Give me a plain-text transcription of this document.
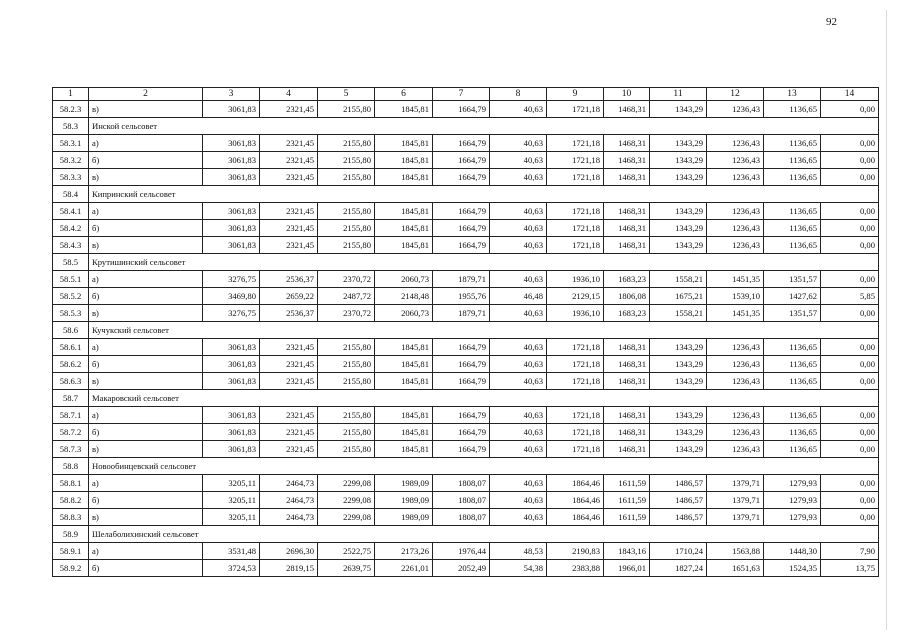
92
1	2	3	4	5	6	7	8	9	10	11	12	13	14
58.2.3	в)	3061,83	2321,45	2155,80	1845,81	1664,79	40,63	1721,18	1468,31	1343,29	1236,43	1136,65	0,00
58.3	Инской сельсовет												
58.3.1	а)	3061,83	2321,45	2155,80	1845,81	1664,79	40,63	1721,18	1468,31	1343,29	1236,43	1136,65	0,00
58.3.2	б)	3061,83	2321,45	2155,80	1845,81	1664,79	40,63	1721,18	1468,31	1343,29	1236,43	1136,65	0,00
58.3.3	в)	3061,83	2321,45	2155,80	1845,81	1664,79	40,63	1721,18	1468,31	1343,29	1236,43	1136,65	0,00
58.4	Кипринский сельсовет												
58.4.1	а)	3061,83	2321,45	2155,80	1845,81	1664,79	40,63	1721,18	1468,31	1343,29	1236,43	1136,65	0,00
58.4.2	б)	3061,83	2321,45	2155,80	1845,81	1664,79	40,63	1721,18	1468,31	1343,29	1236,43	1136,65	0,00
58.4.3	в)	3061,83	2321,45	2155,80	1845,81	1664,79	40,63	1721,18	1468,31	1343,29	1236,43	1136,65	0,00
58.5	Крутишинский сельсовет												
58.5.1	а)	3276,75	2536,37	2370,72	2060,73	1879,71	40,63	1936,10	1683,23	1558,21	1451,35	1351,57	0,00
58.5.2	б)	3469,80	2659,22	2487,72	2148,48	1955,76	46,48	2129,15	1806,08	1675,21	1539,10	1427,62	5,85
58.5.3	в)	3276,75	2536,37	2370,72	2060,73	1879,71	40,63	1936,10	1683,23	1558,21	1451,35	1351,57	0,00
58.6	Кучукский сельсовет												
58.6.1	а)	3061,83	2321,45	2155,80	1845,81	1664,79	40,63	1721,18	1468,31	1343,29	1236,43	1136,65	0,00
58.6.2	б)	3061,83	2321,45	2155,80	1845,81	1664,79	40,63	1721,18	1468,31	1343,29	1236,43	1136,65	0,00
58.6.3	в)	3061,83	2321,45	2155,80	1845,81	1664,79	40,63	1721,18	1468,31	1343,29	1236,43	1136,65	0,00
58.7	Макаровский сельсовет												
58.7.1	а)	3061,83	2321,45	2155,80	1845,81	1664,79	40,63	1721,18	1468,31	1343,29	1236,43	1136,65	0,00
58.7.2	б)	3061,83	2321,45	2155,80	1845,81	1664,79	40,63	1721,18	1468,31	1343,29	1236,43	1136,65	0,00
58.7.3	в)	3061,83	2321,45	2155,80	1845,81	1664,79	40,63	1721,18	1468,31	1343,29	1236,43	1136,65	0,00
58.8	Новообинцевский сельсовет												
58.8.1	а)	3205,11	2464,73	2299,08	1989,09	1808,07	40,63	1864,46	1611,59	1486,57	1379,71	1279,93	0,00
58.8.2	б)	3205,11	2464,73	2299,08	1989,09	1808,07	40,63	1864,46	1611,59	1486,57	1379,71	1279,93	0,00
58.8.3	в)	3205,11	2464,73	2299,08	1989,09	1808,07	40,63	1864,46	1611,59	1486,57	1379,71	1279,93	0,00
58.9	Шелаболихинский сельсовет												
58.9.1	а)	3531,48	2696,30	2522,75	2173,26	1976,44	48,53	2190,83	1843,16	1710,24	1563,88	1448,30	7,90
58.9.2	б)	3724,53	2819,15	2639,75	2261,01	2052,49	54,38	2383,88	1966,01	1827,24	1651,63	1524,35	13,75
